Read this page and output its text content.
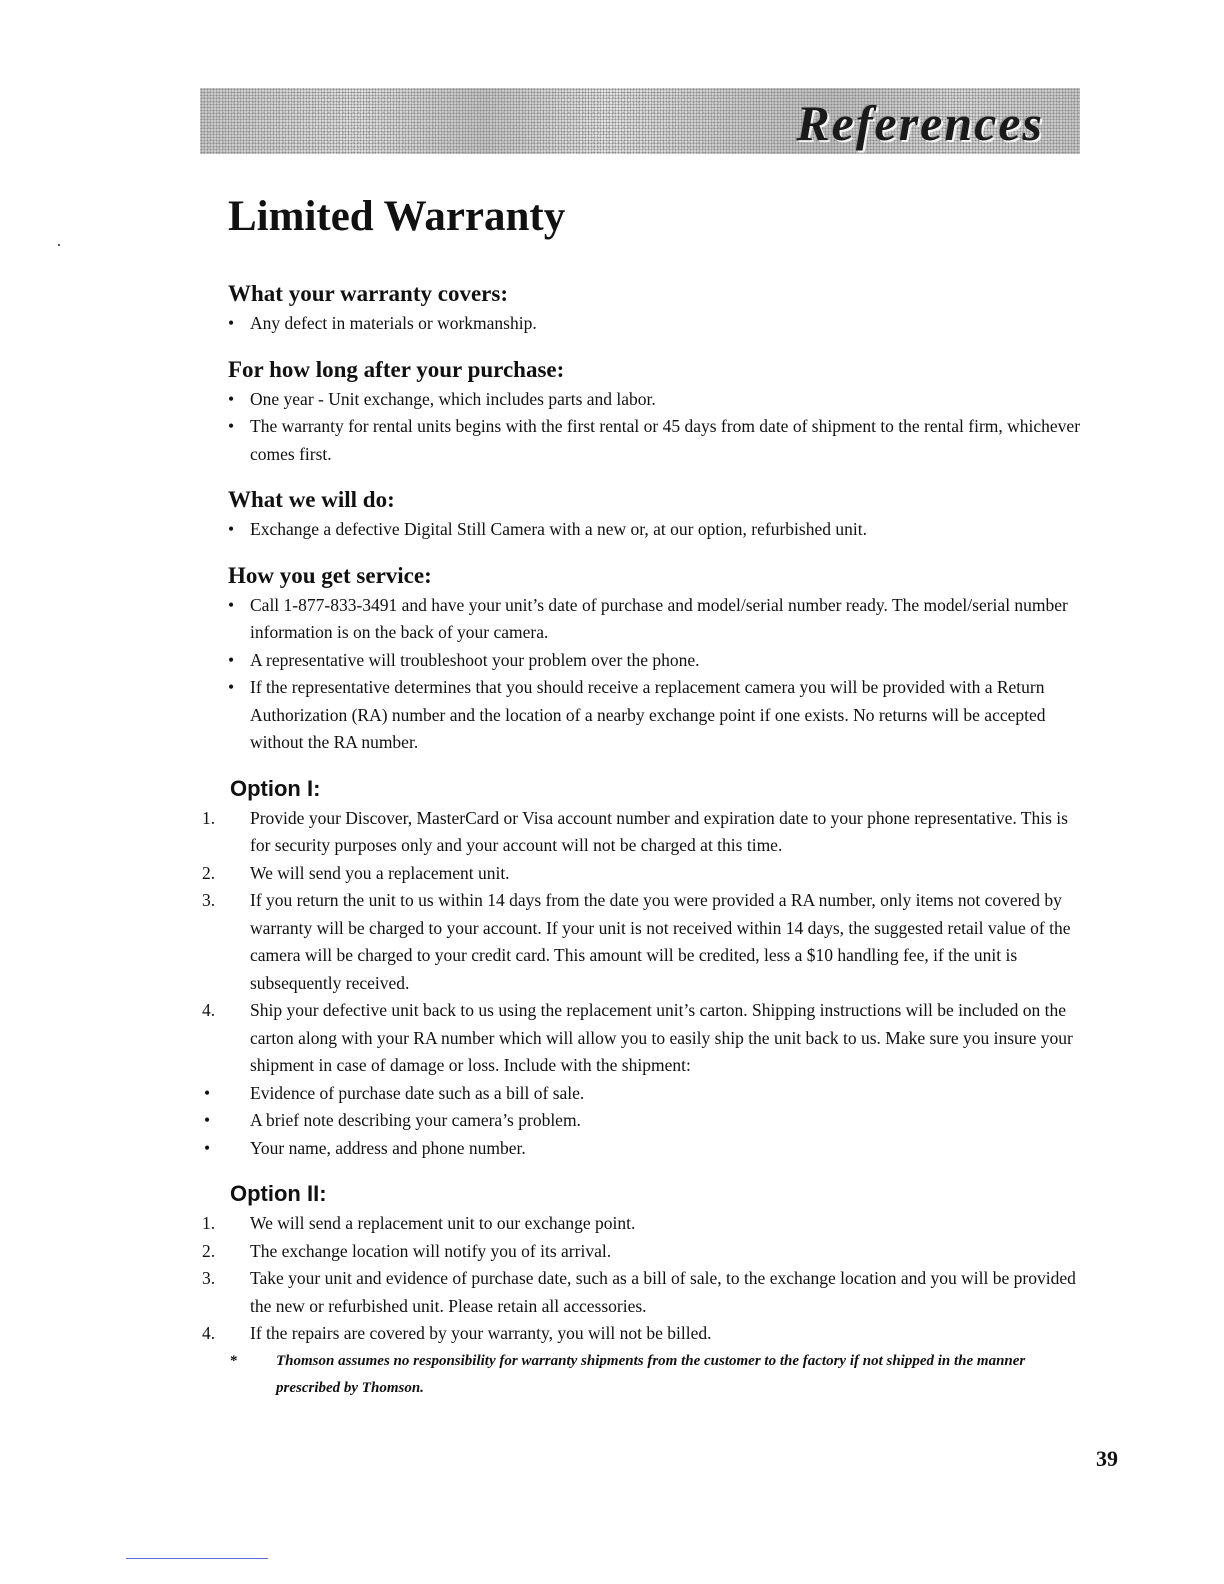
References
Limited Warranty
What your warranty covers:
• Any defect in materials or workmanship.
For how long after your purchase:
• One year - Unit exchange, which includes parts and labor.
• The warranty for rental units begins with the first rental or 45 days from date of shipment to the rental firm, whichever comes first.
What we will do:
• Exchange a defective Digital Still Camera with a new or, at our option, refurbished unit.
How you get service:
• Call 1-877-833-3491 and have your unit’s date of purchase and model/serial number ready. The model/serial number information is on the back of your camera.
• A representative will troubleshoot your problem over the phone.
• If the representative determines that you should receive a replacement camera you will be provided with a Return Authorization (RA) number and the location of a nearby exchange point if one exists. No returns will be accepted without the RA number.
Option I:
1. Provide your Discover, MasterCard or Visa account number and expiration date to your phone representative. This is for security purposes only and your account will not be charged at this time.
2. We will send you a replacement unit.
3. If you return the unit to us within 14 days from the date you were provided a RA number, only items not covered by warranty will be charged to your account. If your unit is not received within 14 days, the suggested retail value of the camera will be charged to your credit card. This amount will be credited, less a $10 handling fee, if the unit is subsequently received.
4. Ship your defective unit back to us using the replacement unit’s carton. Shipping instructions will be included on the carton along with your RA number which will allow you to easily ship the unit back to us. Make sure you insure your shipment in case of damage or loss. Include with the shipment:
• Evidence of purchase date such as a bill of sale.
• A brief note describing your camera’s problem.
• Your name, address and phone number.
Option II:
1. We will send a replacement unit to our exchange point.
2. The exchange location will notify you of its arrival.
3. Take your unit and evidence of purchase date, such as a bill of sale, to the exchange location and you will be provided the new or refurbished unit. Please retain all accessories.
4. If the repairs are covered by your warranty, you will not be billed.

*	Thomson assumes no responsibility for warranty shipments from the customer to the factory if not shipped in the manner prescribed by Thomson.

39
